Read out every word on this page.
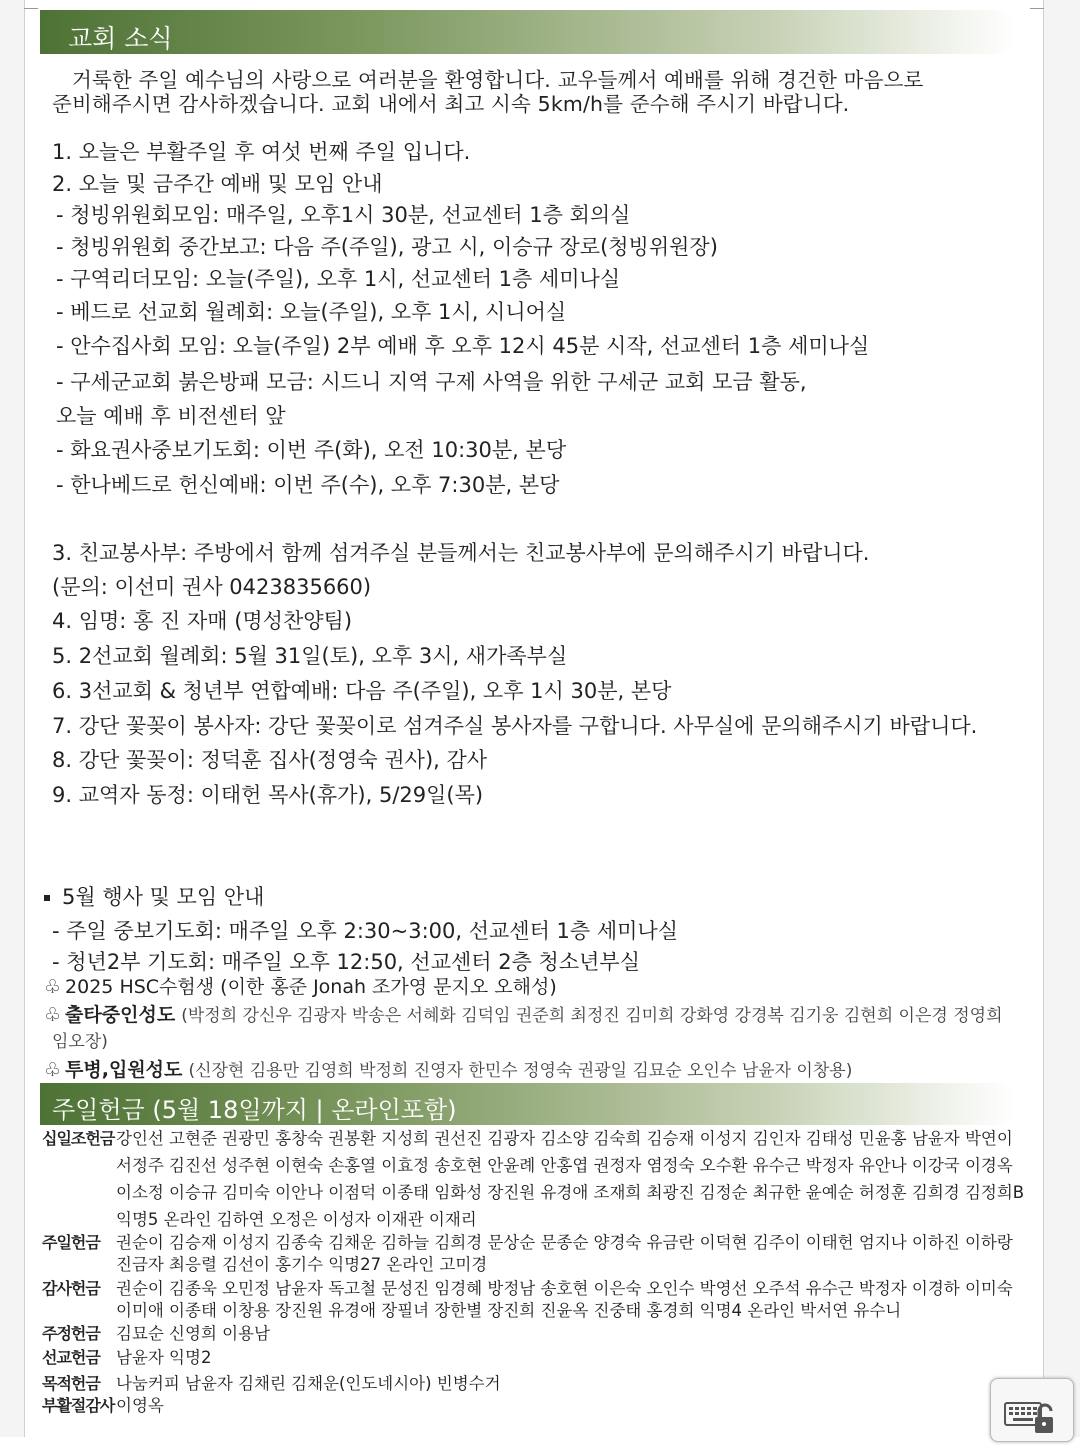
교회 소식
거룩한 주일 예수님의 사랑으로 여러분을 환영합니다. 교우들께서 예배를 위해 경건한 마음으로
준비해주시면 감사하겠습니다. 교회 내에서 최고 시속 5km/h를 준수해 주시기 바랍니다.
1. 오늘은 부활주일 후 여섯 번째 주일 입니다.
2. 오늘 및 금주간 예배 및 모임 안내
- 청빙위원회모임: 매주일, 오후1시 30분, 선교센터 1층 회의실
- 청빙위원회 중간보고: 다음 주(주일), 광고 시, 이승규 장로(청빙위원장)
- 구역리더모임: 오늘(주일), 오후 1시, 선교센터 1층 세미나실
- 베드로 선교회 월례회: 오늘(주일), 오후 1시, 시니어실
- 안수집사회 모임: 오늘(주일) 2부 예배 후 오후 12시 45분 시작, 선교센터 1층 세미나실
- 구세군교회 붉은방패 모금: 시드니 지역 구제 사역을 위한 구세군 교회 모금 활동,
오늘 예배 후 비전센터 앞
- 화요권사중보기도회: 이번 주(화), 오전 10:30분, 본당
- 한나베드로 헌신예배: 이번 주(수), 오후 7:30분, 본당
3. 친교봉사부: 주방에서 함께 섬겨주실 분들께서는 친교봉사부에 문의해주시기 바랍니다.
(문의: 이선미 권사 0423835660)
4. 임명: 홍 진 자매 (명성찬양팀)
5. 2선교회 월례회: 5월 31일(토), 오후 3시, 새가족부실
6. 3선교회 & 청년부 연합예배: 다음 주(주일), 오후 1시 30분, 본당
7. 강단 꽃꽂이 봉사자: 강단 꽃꽂이로 섬겨주실 봉사자를 구합니다. 사무실에 문의해주시기 바랍니다.
8. 강단 꽃꽂이: 정덕훈 집사(정영숙 권사), 감사
9. 교역자 동정: 이태헌 목사(휴가), 5/29일(목)
5월 행사 및 모임 안내
- 주일 중보기도회: 매주일 오후 2:30~3:00, 선교센터 1층 세미나실
- 청년2부 기도회: 매주일 오후 12:50, 선교센터 2층 청소년부실
♧ 2025 HSC수험생 (이한 홍준 Jonah 조가영 문지오 오해성)
♧ 출타중인성도 (박정희 강신우 김광자 박송은 서혜화 김덕임 권준희 최정진 김미희 강화영 강경복 김기웅 김현희 이은경 정영희
임오장)
♧ 투병,입원성도 (신장현 김용만 김영희 박정희 진영자 한민수 정영숙 권광일 김묘순 오인수 남윤자 이창용)
주일헌금 (5월 18일까지 | 온라인포함)
십일조헌금 강인선 고현준 권광민 홍창숙 권봉환 지성희 권선진 김광자 김소양 김숙희 김승재 이성지 김인자 김태성 민윤홍 남윤자 박연이
서정주 김진선 성주현 이현숙 손홍열 이효정 송호현 안윤례 안홍엽 권정자 염정숙 오수환 유수근 박정자 유안나 이강국 이경옥
이소정 이승규 김미숙 이안나 이점덕 이종태 임화성 장진원 유경애 조재희 최광진 김정순 최규한 윤예순 허정훈 김희경 김정희B
익명5 온라인 김하연 오정은 이성자 이재관 이재리
주일헌금 권순이 김승재 이성지 김종숙 김채운 김하늘 김희경 문상순 문종순 양경숙 유금란 이덕현 김주이 이태헌 엄지나 이하진 이하랑
진금자 최응렬 김선이 홍기수 익명27 온라인 고미경
감사헌금 권순이 김종욱 오민정 남윤자 독고철 문성진 임경혜 방정남 송호현 이은숙 오인수 박영선 오주석 유수근 박정자 이경하 이미숙
이미애 이종태 이창용 장진원 유경애 장필녀 장한별 장진희 진윤옥 진중태 홍경희 익명4 온라인 박서연 유수니
주정헌금 김묘순 신영희 이용남
선교헌금 남윤자 익명2
목적헌금 나눔커피 남윤자 김채린 김채운(인도네시아) 빈병수거
부활절감사 이영옥
